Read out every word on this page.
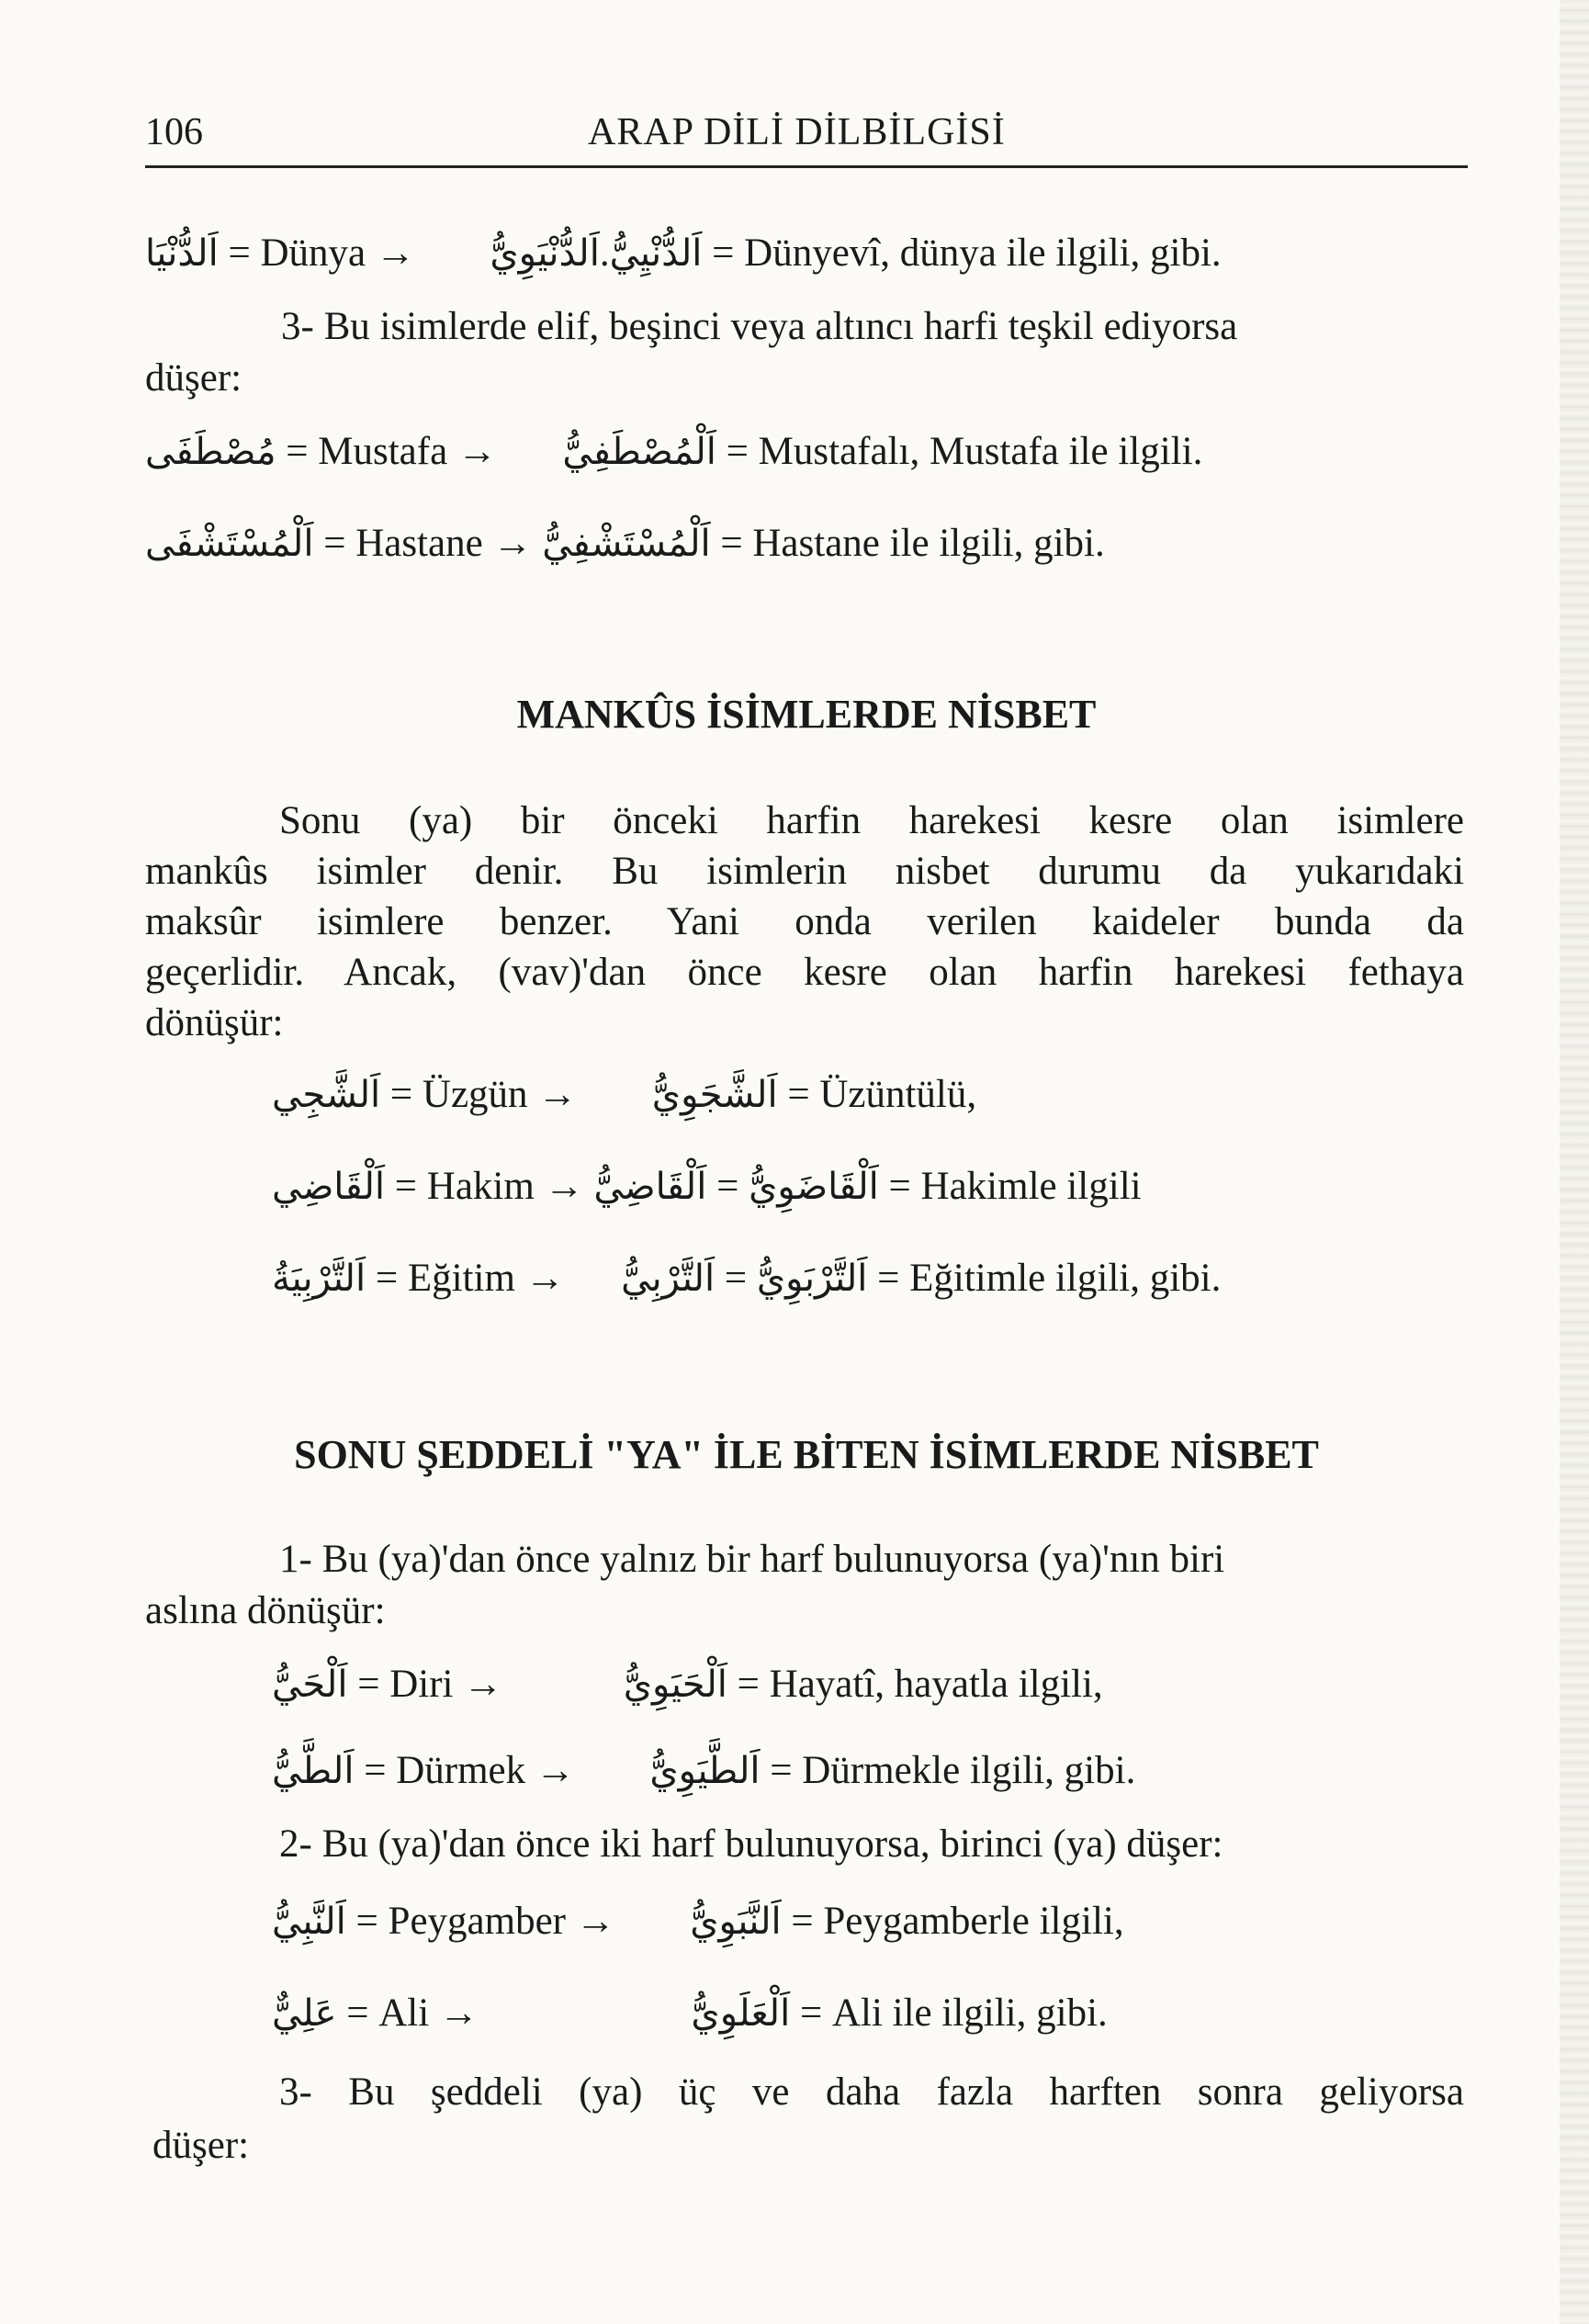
106	ARAP DİLİ DİLBİLGİSİ
اَلدُّنْيَا = Dünya → اَلدُّنْيَوِيُّ.اَلدُّنْيِيُّ = Dünyevî, dünya ile ilgili, gibi.
3- Bu isimlerde elif, beşinci veya altıncı harfi teşkil ediyorsa
düşer:
مُصْطَفَى = Mustafa → اَلْمُصْطَفِيُّ = Mustafalı, Mustafa ile ilgili.
اَلْمُسْتَشْفَى = Hastane → اَلْمُسْتَشْفِيُّ = Hastane ile ilgili, gibi.
MANKÛS İSİMLERDE NİSBET
Sonu (ya) bir önceki harfin harekesi kesre olan isimlere
mankûs isimler denir. Bu isimlerin nisbet durumu da yukarıdaki
maksûr isimlere benzer. Yani onda verilen kaideler bunda da
geçerlidir. Ancak, (vav)'dan önce kesre olan harfin harekesi fethaya
dönüşür:
اَلشَّجِي = Üzgün → اَلشَّجَوِيُّ = Üzüntülü,
اَلْقَاضِي = Hakim → اَلْقَاضِيُّ = اَلْقَاضَوِيُّ = Hakimle ilgili
اَلتَّرْبِيَةُ = Eğitim → اَلتَّرْبِيُّ = اَلتَّرْبَوِيُّ = Eğitimle ilgili, gibi.
SONU ŞEDDELİ "YA" İLE BİTEN İSİMLERDE NİSBET
1- Bu (ya)'dan önce yalnız bir harf bulunuyorsa (ya)'nın biri
aslına dönüşür:
اَلْحَيُّ = Diri →	اَلْحَيَوِيُّ = Hayatî, hayatla ilgili,
اَلطَّيُّ = Dürmek → اَلطَّيَوِيُّ = Dürmekle ilgili, gibi.
2- Bu (ya)'dan önce iki harf bulunuyorsa, birinci (ya) düşer:
اَلنَّبِيُّ = Peygamber → اَلنَّبَوِيُّ = Peygamberle ilgili,
عَلِيٌّ = Ali →	اَلْعَلَوِيُّ = Ali ile ilgili, gibi.
3- Bu şeddeli (ya) üç ve daha fazla harften sonra geliyorsa
düşer:
